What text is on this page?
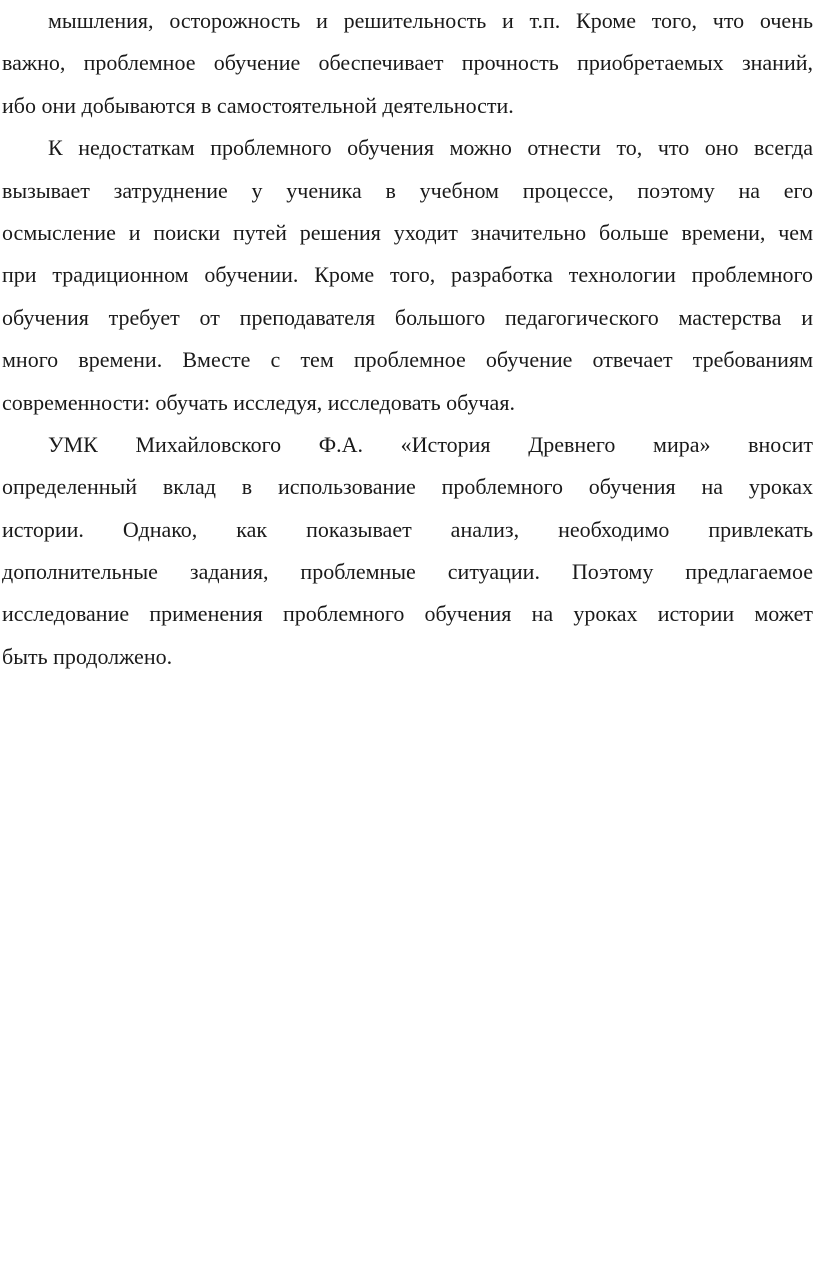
мышления, осторожность и решительность и т.п. Кроме того, что очень
важно, проблемное обучение обеспечивает прочность приобретаемых знаний,
ибо они добываются в самостоятельной деятельности.
К недостаткам проблемного обучения можно отнести то, что оно всегда
вызывает затруднение у ученика в учебном процессе, поэтому на его
осмысление и поиски путей решения уходит значительно больше времени, чем
при традиционном обучении. Кроме того, разработка технологии проблемного
обучения требует от преподавателя большого педагогического мастерства и
много времени. Вместе с тем проблемное обучение отвечает требованиям
современности: обучать исследуя, исследовать обучая.
УМК Михайловского Ф.А. «История Древнего мира» вносит
определенный вклад в использование проблемного обучения на уроках
истории. Однако, как показывает анализ, необходимо привлекать
дополнительные задания, проблемные ситуации. Поэтому предлагаемое
исследование применения проблемного обучения на уроках истории может
быть продолжено.
